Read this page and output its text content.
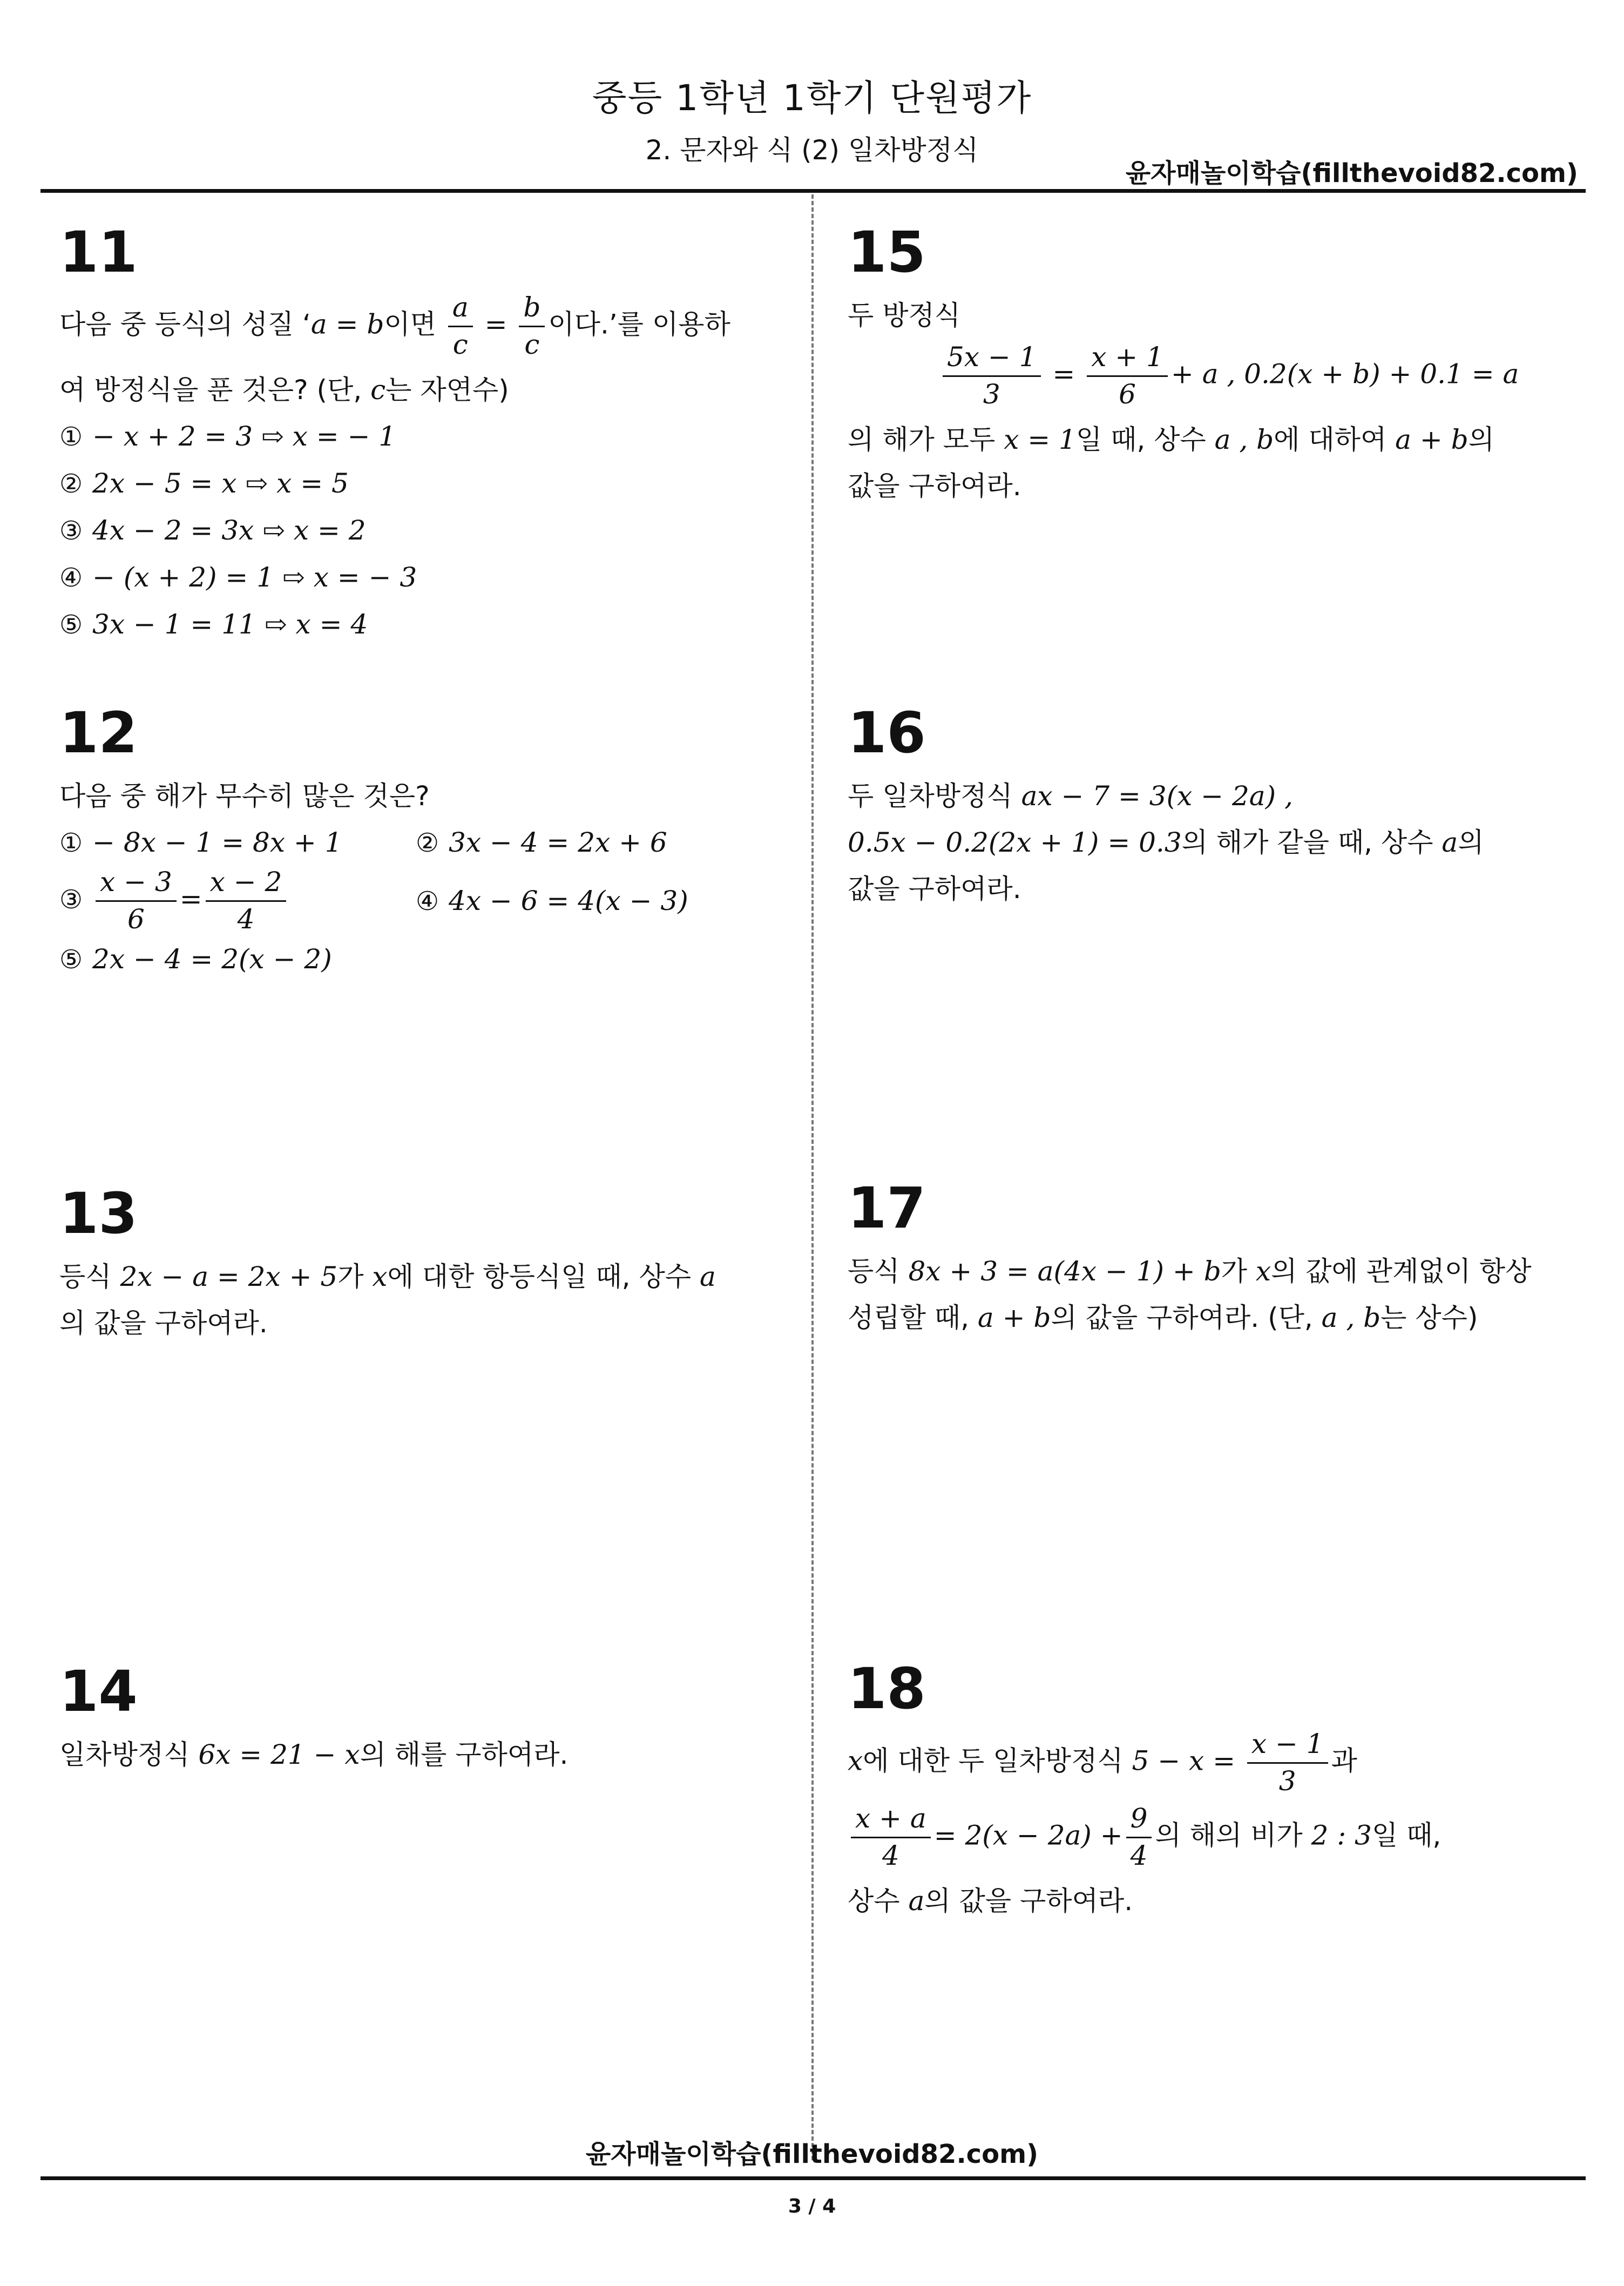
중등 1학년 1학기 단원평가
2. 문자와 식 (2) 일차방정식
윤자매놀이학습(fillthevoid82.com)
11
다음 중 등식의 성질 ‘a = b이면 $\frac{a}{c} = \frac{b}{c}$ 이다.’를 이용하
여 방정식을 푼 것은? (단, c는 자연수)
① − x + 2 = 3 ⇨ x = − 1
② 2x − 5 = x ⇨ x = 5
③ 4x − 2 = 3x ⇨ x = 2
④ − (x + 2) = 1 ⇨ x = − 3
⑤ 3x − 1 = 11 ⇨ x = 4
12
다음 중 해가 무수히 많은 것은?
① − 8x − 1 = 8x + 1	② 3x − 4 = 2x + 6
③ $\frac{x - 3}{6} = \frac{x - 2}{4}$	④ 4x − 6 = 4(x − 3)
⑤ 2x − 4 = 2(x − 2)
13
등식 2x − a = 2x + 5가 x에 대한 항등식일 때, 상수 a
의 값을 구하여라.
14
일차방정식 6x = 21 − x의 해를 구하여라.
15
두 방정식
$\frac{5x - 1}{3} = \frac{x + 1}{6} + a$ , 0.2(x + b) + 0.1 = a
의 해가 모두 x = 1일 때, 상수 a , b에 대하여 a + b의
값을 구하여라.
16
두 일차방정식 ax − 7 = 3(x − 2a) ,
0.5x − 0.2(2x + 1) = 0.3의 해가 같을 때, 상수 a의
값을 구하여라.
17
등식 8x + 3 = a(4x − 1) + b가 x의 값에 관계없이 항상
성립할 때, a + b의 값을 구하여라. (단, a , b는 상수)
18
x에 대한 두 일차방정식 $5 - x = \frac{x - 1}{3}$ 과
$\frac{x + a}{4} = 2(x - 2a) + \frac{9}{4}$ 의 해의 비가 2 : 3일 때,
상수 a의 값을 구하여라.
윤자매놀이학습(fillthevoid82.com)
3 / 4
